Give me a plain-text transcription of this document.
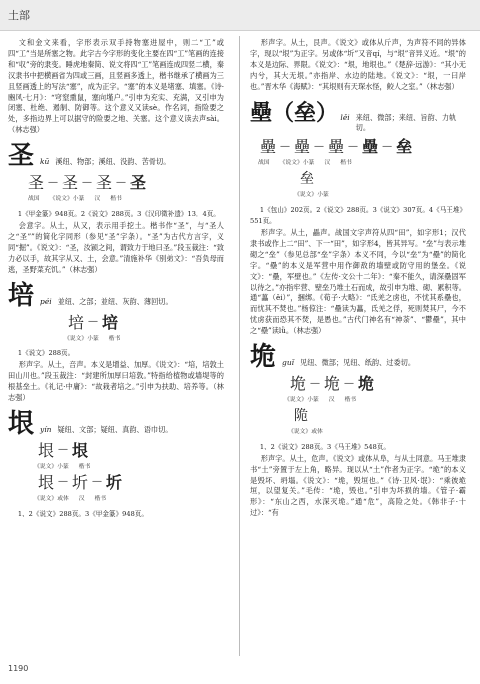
土部

文和金文来看，字形表示双手持物塞进屋中，则二“工”或四“工”当是所塞之物。此字古今字形的变化主要在四“工”笔画的连接和“収”旁的隶变。睡虎地秦简、说文将四“工”笔画连成四竖二横，秦汉隶书中把横画省为四或三画，且竖画多透上，楷书继承了横画为三且竖画透上的写法“塞”，成为正字。“塞”的本义是堵塞、填塞。《诗·豳风·七月》：“穹窒熏鼠，塞向墐户。”引申为充实、充满，又引申为闭塞、杜绝、遏制、防御等。这个意义又读sè。作名词，指险要之处，多指边界上可以据守的险要之地、关塞。这个意义读去声sài。（林志强）

圣 kū 溪纽、物部；溪纽、没韵、苦骨切。
圣 — 圣 — 圣 — 圣
战国 《说文》小篆 汉 楷书
1《甲金篆》948页。2《说文》288页。3《汉印徵补遗》13．4页。

会意字。从土，从又，表示用手挖土。楷书作“圣”，与“圣人之“圣””的简化字同形（参见“圣”字条）。“圣”为古代方言字，义同“掘”。《说文》：“圣，汝颍之间，谓致力于地曰圣。”段玉裁注：“致力必以手，故其字从又、土，会意。”清施补华《别弟文》：“吾负母而逃，圣野菜充饥。”（林志强）

培 péi 並纽、之部；並纽、灰韵、薄回切。
培 — 培
《说文》小篆 楷书
1《说文》288页。

形声字。从土，咅声。本义是增益、加厚。《说文》：“培，培敦土田山川也。”段玉裁注：“封建所加厚曰培敦。”特指给植物或墙堤等的根基垒土。《礼记·中庸》：“故栽者培之。”引申为扶助、培养等。（林志强）

垠 yín 疑纽、文部；疑纽、真韵、语巾切。
垠 — 垠
《说文》小篆 楷书
垠 — 圻 — 圻
《说文》或体 汉 楷书
1、2《说文》288页。3《甲金篆》948页。

形声字。从土，艮声。《说文》或体从斤声，为声符不同的异体字，现以“垠”为正字。另或体“圻”又音qí，与“垠”音异义近。“垠”的本义是边际、界限。《说文》：“垠，地垠也。”《楚辞·远游》：“其小无内兮，其大无垠。”亦指岸、水边的陆地。《说文》：“垠，一曰岸也。”晋木华《海赋》：“其垠则有天琛水怪，鲛人之室。”（林志强）

壘（垒） lěi 来纽、微部；来纽、旨韵、力轨切。
壘 — 壘 — 壘 — 壘 — 垒
战国 《说文》小篆 汉 楷书
垒
《说文》小篆
1《包山》202页。2《说文》288页。3《说文》307页。4《马王堆》551页。

形声字。从土，畾声。战国文字声符从四“田”，如字形1；汉代隶书或作上二“田”、下一“田”，如字形4，皆其异写。“垒”与表示堆砌之“垒”（参见总部“垒”字条）本义不同，今以“垒”为“壘”的简化字。“壘”的本义是军营中用作御敌的墙壁或防守用的堡垒。《说文》：“壘，军壁也。”《左传·文公十二年》：“秦不能久，请深壘固军以待之。”亦指牢营、壁垒乃堆土石而成，故引申为堆、砌、累积等。通“藟（ěi）”，捆绑。《荀子·大略》：“氐羌之虏也，不忧其系壘也，而忧其不焚也。”杨倞注：“壘读为藟，氐羌之俘，死则焚其尸，今不忧虏获而恐其不焚，是愚也。”古代门神名有“神荼”、“鬱壘”，其中之“壘”读lǜ。（林志强）

垝 guǐ 见纽、微部；见纽、纸韵、过委切。
垝 — 垝 — 垝
《说文》小篆 汉 楷书
陒
《说文》或体
1、2《说文》288页。3《马王堆》548页。

形声字。从土，危声。《说文》或体从阜，与从土同意。马王堆隶书“土”旁置于左上角，略异。现以从“土”作者为正字。“垝”的本义是毁坏、坍塌。《说文》：“垝，毁垣也。”《诗·卫风·氓》：“乘彼垝垣，以望复关。”毛传：“垝，毁也。”引申为坏损的墙。《管子·霸形》：“东山之西，水深灭垝。”通“危”，高险之处。《韩非子·十过》：“有

1190
